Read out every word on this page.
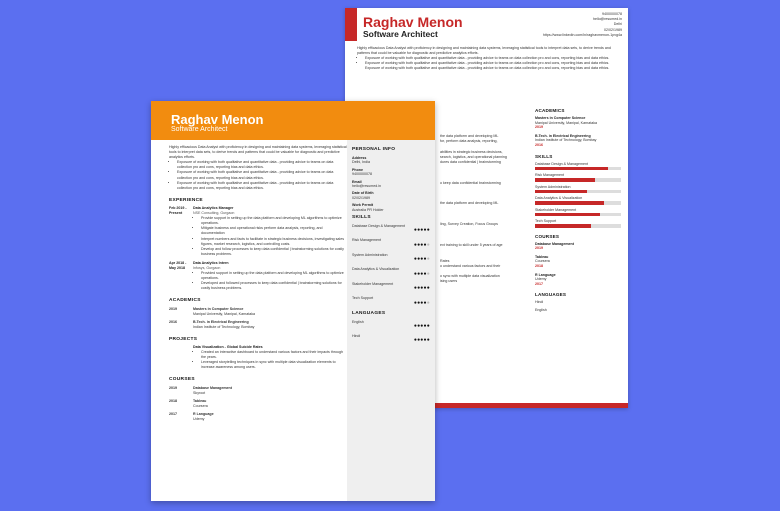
Raghav Menon
Software Architect
9400000078
hello@resumed.in
Delhi
02/02/1989
https://www.linkedin.com/in/raghavmenon-1pvg4a
Highly efficacious Data Analyst with proficiency in designing and maintaining data systems, leveraging statistical tools to interpret data sets, to derive trends and patterns that could be valuable for diagnostic and predictive analytics efforts.
• Exposure of working with both qualitative and quantitative data - providing advice to teams on data collection pro and cons, reporting bias and data ethics.
• Exposure of working with both qualitative and quantitative data - providing advice to teams on data collection pro and cons, reporting bias and data ethics. Exposure of working with both qualitative and quantitative data - providing advice to teams on data collection pro and cons, reporting bias and data ethics.
the data platform and developing ML
for, perform data analysis, reporting,
abilities in strategic business decisions,
search, logistics, and operational planning
dures data confidential | brainstorming
o keep data confidential brainstorming
the data platform and developing ML
ling, Survey Creation, Focus Groups
ext training to skill under 5 years of age
Rates
o understand various factors and their
o sync with multiple data visualization
ising users
ACADEMICS
Masters in Computer Science
Manipal University, Manipal, Karnataka
2019
B.Tech. in Electrical Engineering
Indian Institute of Technology, Bombay
2016
SKILLS
Database Design & Management
Risk Management
System Administration
Data Analytics & Visualization
Stakeholder Management
Tech Support
COURSES
Database Management
2019
Tableau
Coursera
2018
R Language
Udemy
2017
LANGUAGES
Hindi
English
Raghav Menon
Software Architect
Highly efficacious Data Analyst with proficiency in designing and maintaining data systems, leveraging statistical tools to interpret data sets, to derive trends and patterns that could be valuable for diagnostic and predictive analytics efforts.
• Exposure of working with both qualitative and quantitative data - providing advice to teams on data collection pro and cons, reporting bias and data ethics.
• Exposure of working with both qualitative and quantitative data - providing advice to teams on data collection pro and cons, reporting bias and data ethics.
• Exposure of working with both qualitative and quantitative data - providing advice to teams on data collection pro and cons, reporting bias and data ethics.
EXPERIENCE
Feb 2019 - Present
Data Analytics Manager
NSE Consulting, Gurgaon
• Provide support in setting up the data platform and developing ML algorithms to optimize operations.
• Mitigate business and operational risks perform data analysis, reporting, and documentation
• Interpret numbers and facts to facilitate in strategic business decisions, investigating sales figures, market research, logistics, and controlling costs.
• Develop and follow processes to keep data confidential | brainstorming solutions for costly business problems.
Apr 2018 - May 2018
Data Analytics Intern
Infosys, Gurgaon
• Provided support in setting up the data platform and developing ML algorithms to optimize operations.
• Developed and followed processes to keep data confidential | brainstorming solutions for costly business problems.
ACADEMICS
2019	Masters in Computer Science
Manipal University, Manipal, Karnataka
2016	B.Tech. in Electrical Engineering
Indian Institute of Technology, Bombay
PROJECTS
Data Visualization - Global Suicide Rates
• Created an interactive dashboard to understand various factors and their impacts through the years.
• Leveraged storytelling techniques in sync with multiple data visualization elements to increase awareness among users.
COURSES
2019	Database Management
Skyroot
2018	Tableau
Coursera
2017	R Language
Udemy
PERSONAL INFO
Address
Delhi, India
Phone
9400000078
Email
hello@resumed.in
Date of Birth
02/02/1989
Work Permit
Australia PR Holder
SKILLS
Database Design & Management
●●●●●
Risk Management
●●●●●
System Administration
●●●●●
Data Analytics & Visualization
●●●●●
Stakeholder Management
●●●●●
Tech Support
●●●●●
LANGUAGES
English
●●●●●
Hindi
●●●●●
